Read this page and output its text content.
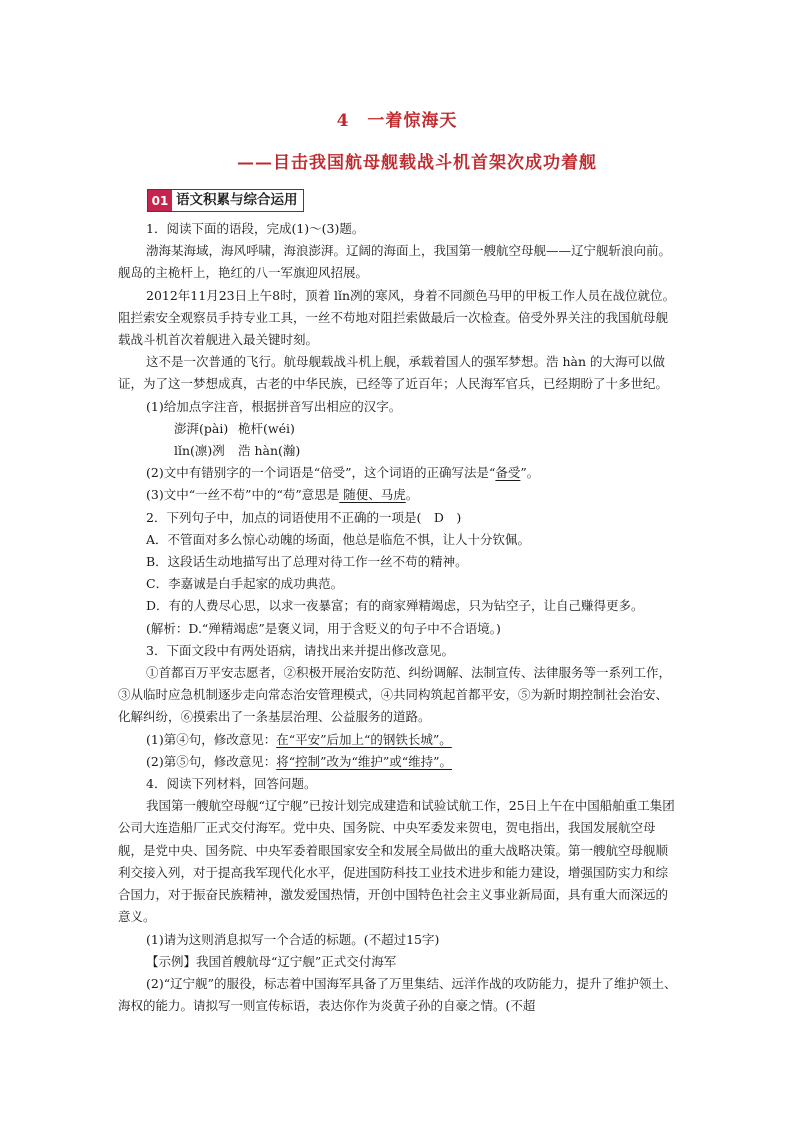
4　一着惊海天
——目击我国航母舰载战斗机首架次成功着舰
01 语文积累与综合运用

1．阅读下面的语段，完成(1)～(3)题。

渤海某海域，海风呼啸，海浪澎湃。辽阔的海面上，我国第一艘航空母舰——辽宁舰斩浪向前。舰岛的主桅杆上，艳红的八一军旗迎风招展。

2012年11月23日上午8时，顶着 lǐn冽的寒风，身着不同颜色马甲的甲板工作人员在战位就位。阻拦索安全观察员手持专业工具，一丝不苟地对阻拦索做最后一次检查。倍受外界关注的我国航母舰载战斗机首次着舰进入最关键时刻。

这不是一次普通的飞行。航母舰载战斗机上舰，承载着国人的强军梦想。浩 hàn 的大海可以做证，为了这一梦想成真，古老的中华民族，已经等了近百年；人民海军官兵，已经期盼了十多世纪。

(1)给加点字注音，根据拼音写出相应的汉字。

澎湃(pài) 桅杆(wéi)

lǐn(凛)冽 浩 hàn(瀚)

(2)文中有错别字的一个词语是“倍受”，这个词语的正确写法是“备受”。

(3)文中“一丝不苟”中的“苟”意思是 随便、马虎。

2．下列句子中，加点的词语使用不正确的一项是(　D　)

A．不管面对多么惊心动魄的场面，他总是临危不惧，让人十分钦佩。

B．这段话生动地描写出了总理对待工作一丝不苟的精神。

C．李嘉诚是白手起家的成功典范。

D．有的人费尽心思，以求一夜暴富；有的商家殚精竭虑，只为钻空子，让自己赚得更多。

(解析：D.“殚精竭虑”是褒义词，用于含贬义的句子中不合语境。)

3．下面文段中有两处语病，请找出来并提出修改意见。

①首都百万平安志愿者，②积极开展治安防范、纠纷调解、法制宣传、法律服务等一系列工作，③从临时应急机制逐步走向常态治安管理模式，④共同构筑起首都平安，⑤为新时期控制社会治安、化解纠纷，⑥摸索出了一条基层治理、公益服务的道路。

(1)第④句，修改意见：在“平安”后加上“的钢铁长城”。

(2)第⑤句，修改意见：将“控制”改为“维护”或“维持”。

4．阅读下列材料，回答问题。

我国第一艘航空母舰“辽宁舰”已按计划完成建造和试验试航工作，25日上午在中国船舶重工集团公司大连造船厂正式交付海军。党中央、国务院、中央军委发来贺电，贺电指出，我国发展航空母舰，是党中央、国务院、中央军委着眼国家安全和发展全局做出的重大战略决策。第一艘航空母舰顺利交接入列，对于提高我军现代化水平，促进国防科技工业技术进步和能力建设，增强国防实力和综合国力，对于振奋民族精神，激发爱国热情，开创中国特色社会主义事业新局面，具有重大而深远的意义。

(1)请为这则消息拟写一个合适的标题。(不超过15字)

【示例】我国首艘航母“辽宁舰”正式交付海军

(2)“辽宁舰”的服役，标志着中国海军具备了万里集结、远洋作战的攻防能力，提升了维护领土、海权的能力。请拟写一则宣传标语，表达你作为炎黄子孙的自豪之情。(不超
